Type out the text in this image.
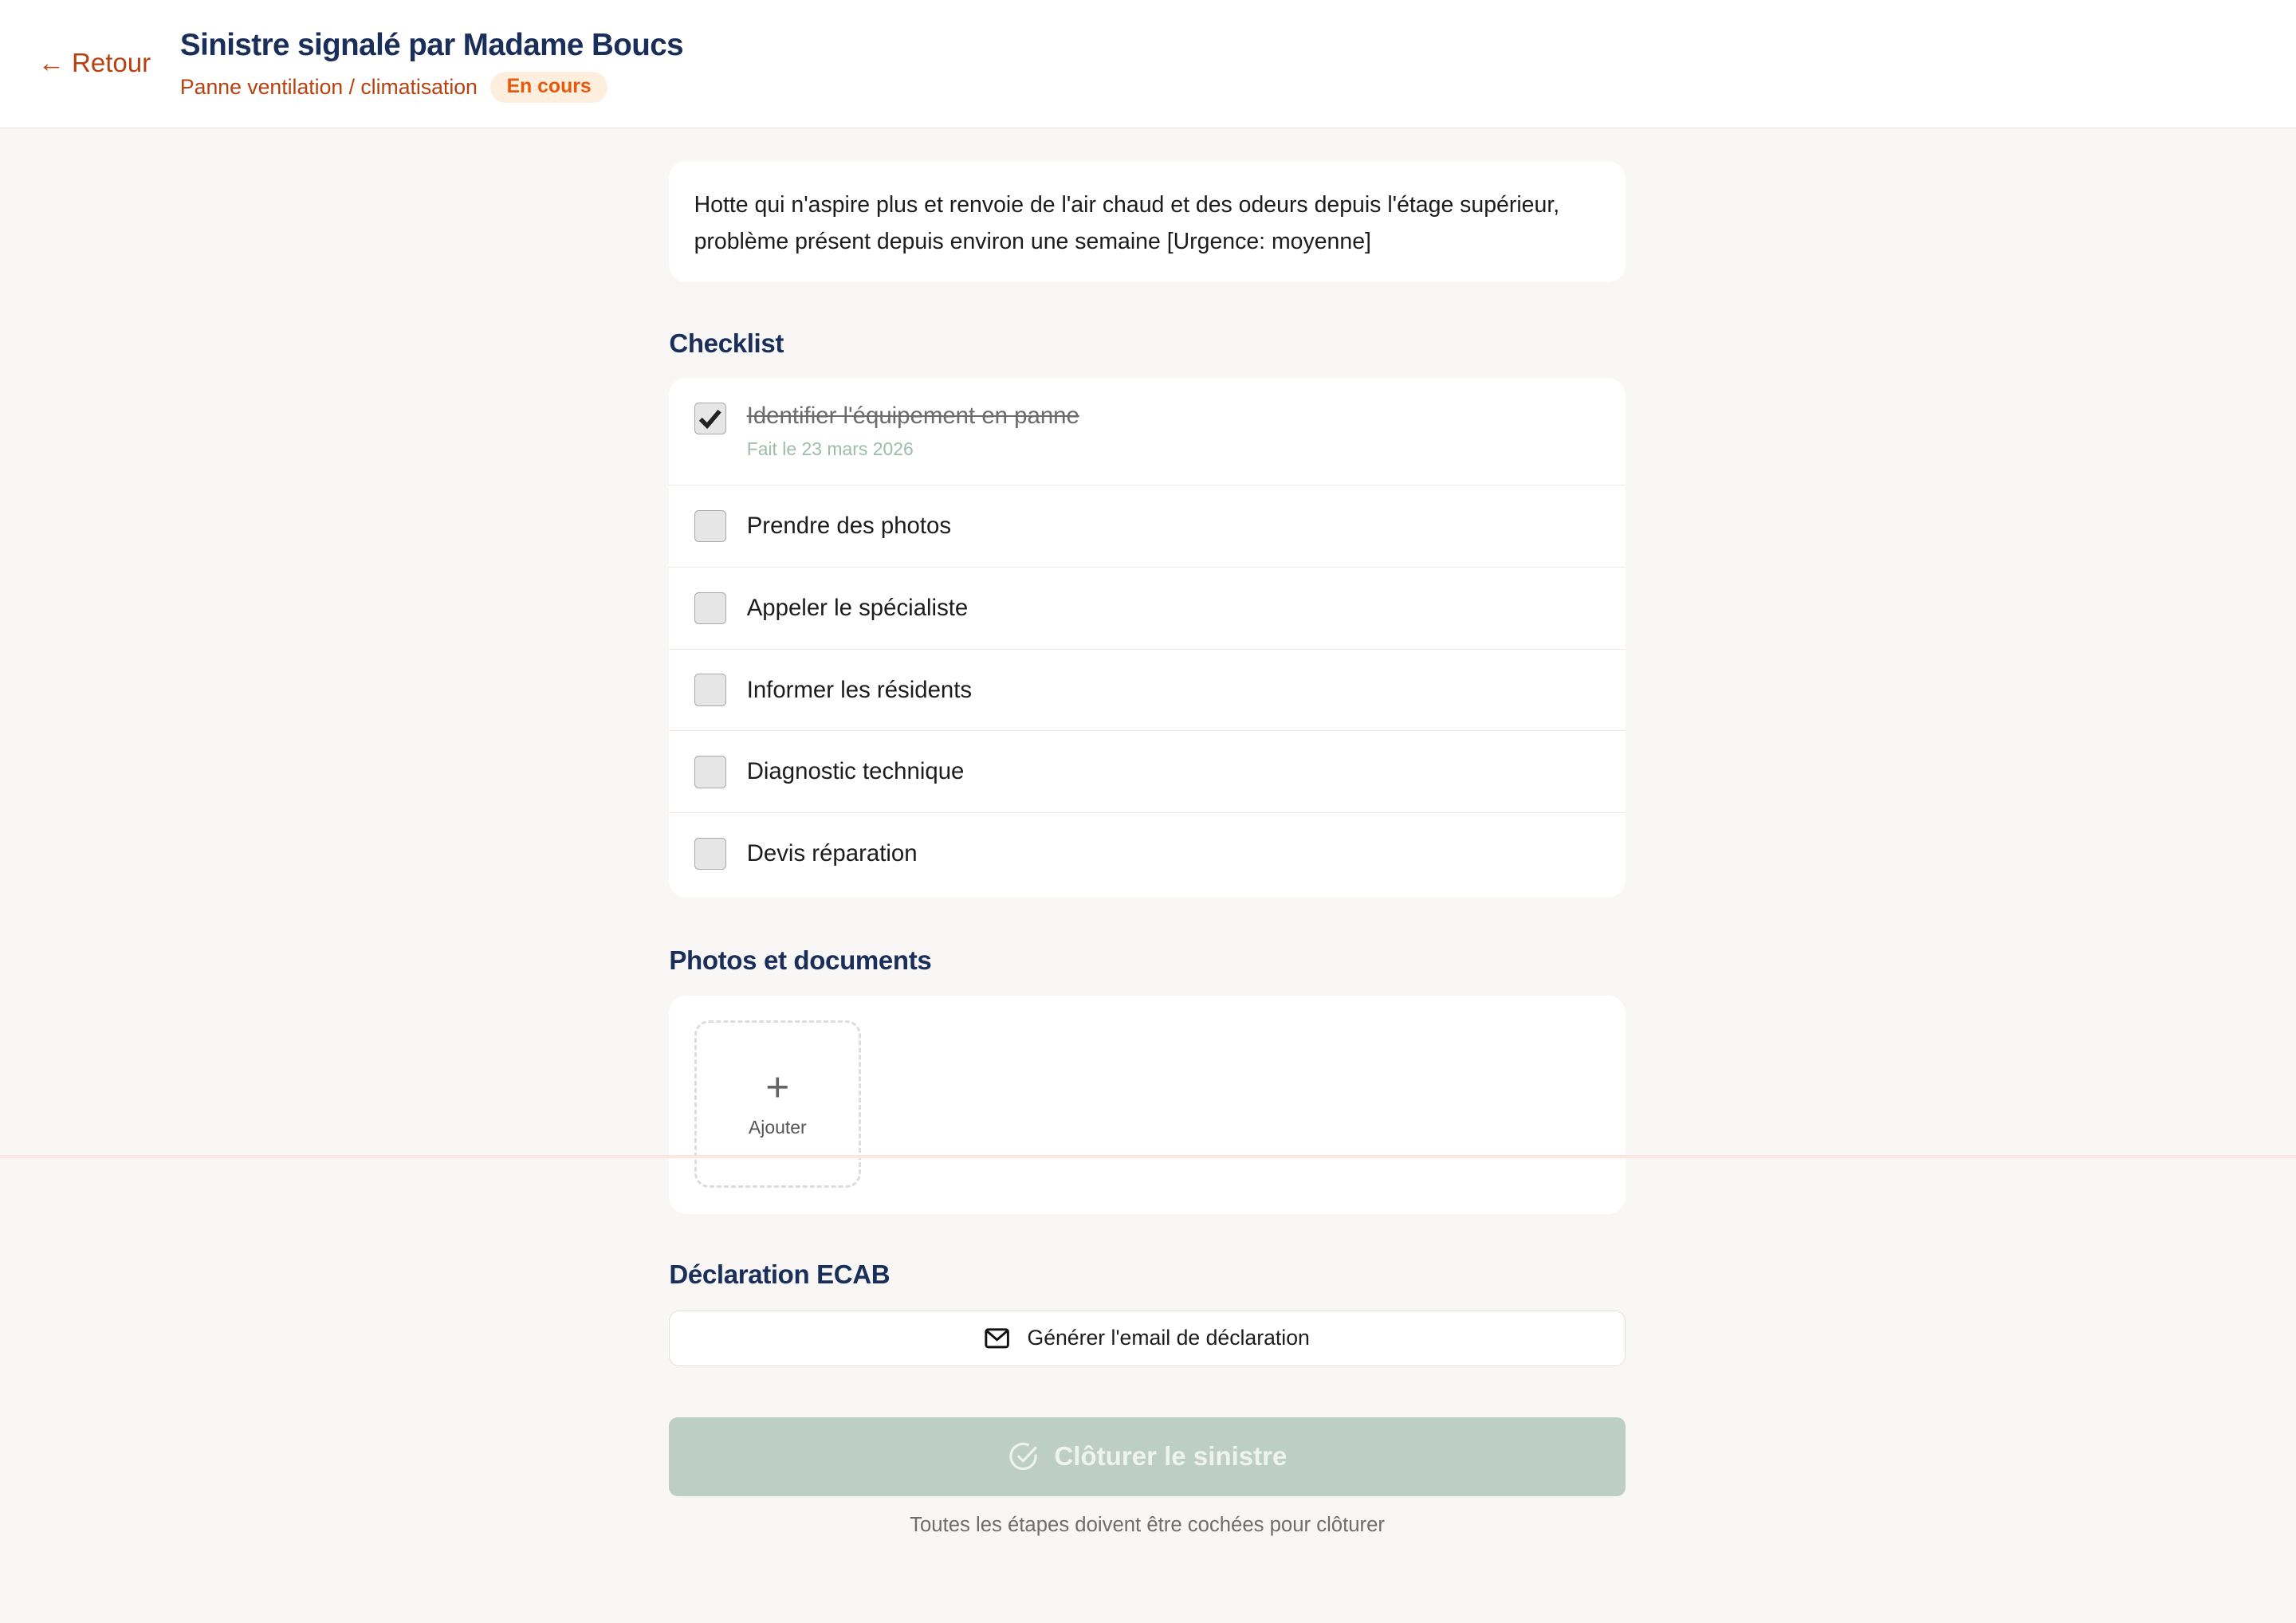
← Retour
Sinistre signalé par Madame Boucs
Panne ventilation / climatisation	En cours
Hotte qui n'aspire plus et renvoie de l'air chaud et des odeurs depuis l'étage supérieur, problème présent depuis environ une semaine [Urgence: moyenne]
Checklist
Identifier l'équipement en panne
Fait le 23 mars 2026
Prendre des photos
Appeler le spécialiste
Informer les résidents
Diagnostic technique
Devis réparation
Photos et documents
+
Ajouter
Déclaration ECAB
Générer l'email de déclaration
Clôturer le sinistre
Toutes les étapes doivent être cochées pour clôturer
